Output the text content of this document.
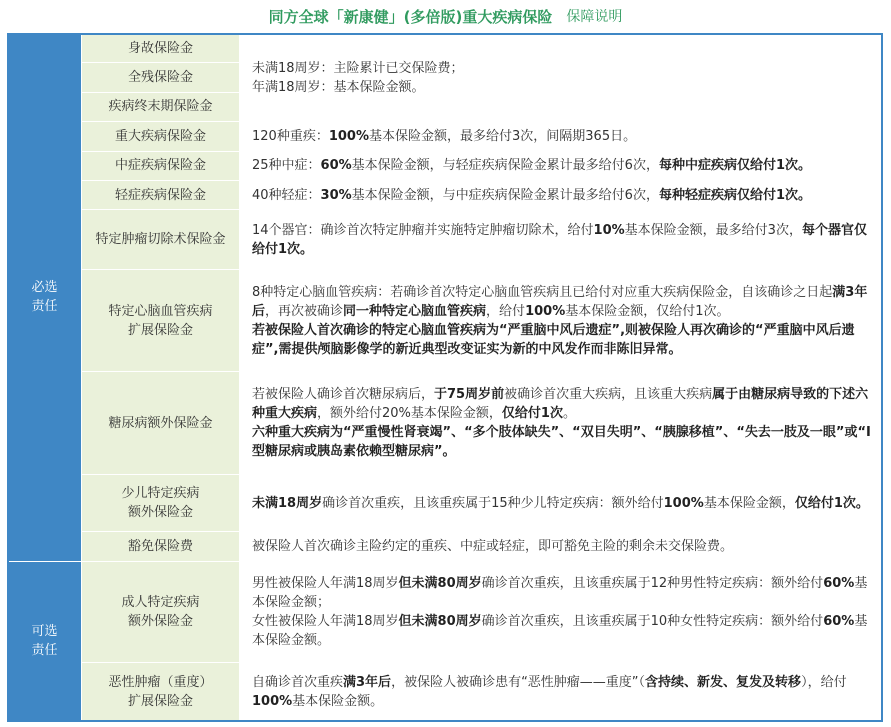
同方全球「新康健」(多倍版)重大疾病保险 保障说明
必选
责任	身故保险金	未满18周岁：主险累计已交保险费；
年满18周岁：基本保险金额。

	全残保险金	
	疾病终末期保险金	
	重大疾病保险金	120种重疾：100%基本保险金额，最多给付3次，间隔期365日。
	中症疾病保险金	25种中症：60%基本保险金额，与轻症疾病保险金累计最多给付6次，每种中症疾病仅给付1次。
	轻症疾病保险金	40种轻症：30%基本保险金额，与中症疾病保险金累计最多给付6次，每种轻症疾病仅给付1次。
	特定肿瘤切除术保险金	14个器官：确诊首次特定肿瘤并实施特定肿瘤切除术，给付10%基本保险金额，最多给付3次，每个器官仅给付1次。

	特定心脑血管疾病
扩展保险金	8种特定心脑血管疾病：若确诊首次特定心脑血管疾病且已给付对应重大疾病保险金，自该确诊之日起满3年后，再次被确诊同一种特定心脑血管疾病，给付100%基本保险金额，仅给付1次。
若被保险人首次确诊的特定心脑血管疾病为“严重脑中风后遗症”,则被保险人再次确诊的“严重脑中风后遗症”,需提供颅脑影像学的新近典型改变证实为新的中风发作而非陈旧异常。
	糖尿病额外保险金	若被保险人确诊首次糖尿病后，于75周岁前被确诊首次重大疾病，且该重大疾病属于由糖尿病导致的下述六种重大疾病，额外给付20%基本保险金额，仅给付1次。
六种重大疾病为“严重慢性肾衰竭”、“多个肢体缺失”、“双目失明”、“胰腺移植”、“失去一肢及一眼”或“I型糖尿病或胰岛素依赖型糖尿病”。

	少儿特定疾病
额外保险金	未满18周岁确诊首次重疾，且该重疾属于15种少儿特定疾病：额外给付100%基本保险金额，仅给付1次。
	豁免保险费	被保险人首次确诊主险约定的重疾、中症或轻症，即可豁免主险的剩余未交保险费。
可选
责任	成人特定疾病
额外保险金	男性被保险人年满18周岁但未满80周岁确诊首次重疾，且该重疾属于12种男性特定疾病：额外给付60%基本保险金额；
女性被保险人年满18周岁但未满80周岁确诊首次重疾，且该重疾属于10种女性特定疾病：额外给付60%基本保险金额。

	恶性肿瘤（重度）
扩展保险金	自确诊首次重疾满3年后，被保险人被确诊患有“恶性肿瘤——重度”（含持续、新发、复发及转移），给付100%基本保险金额。
